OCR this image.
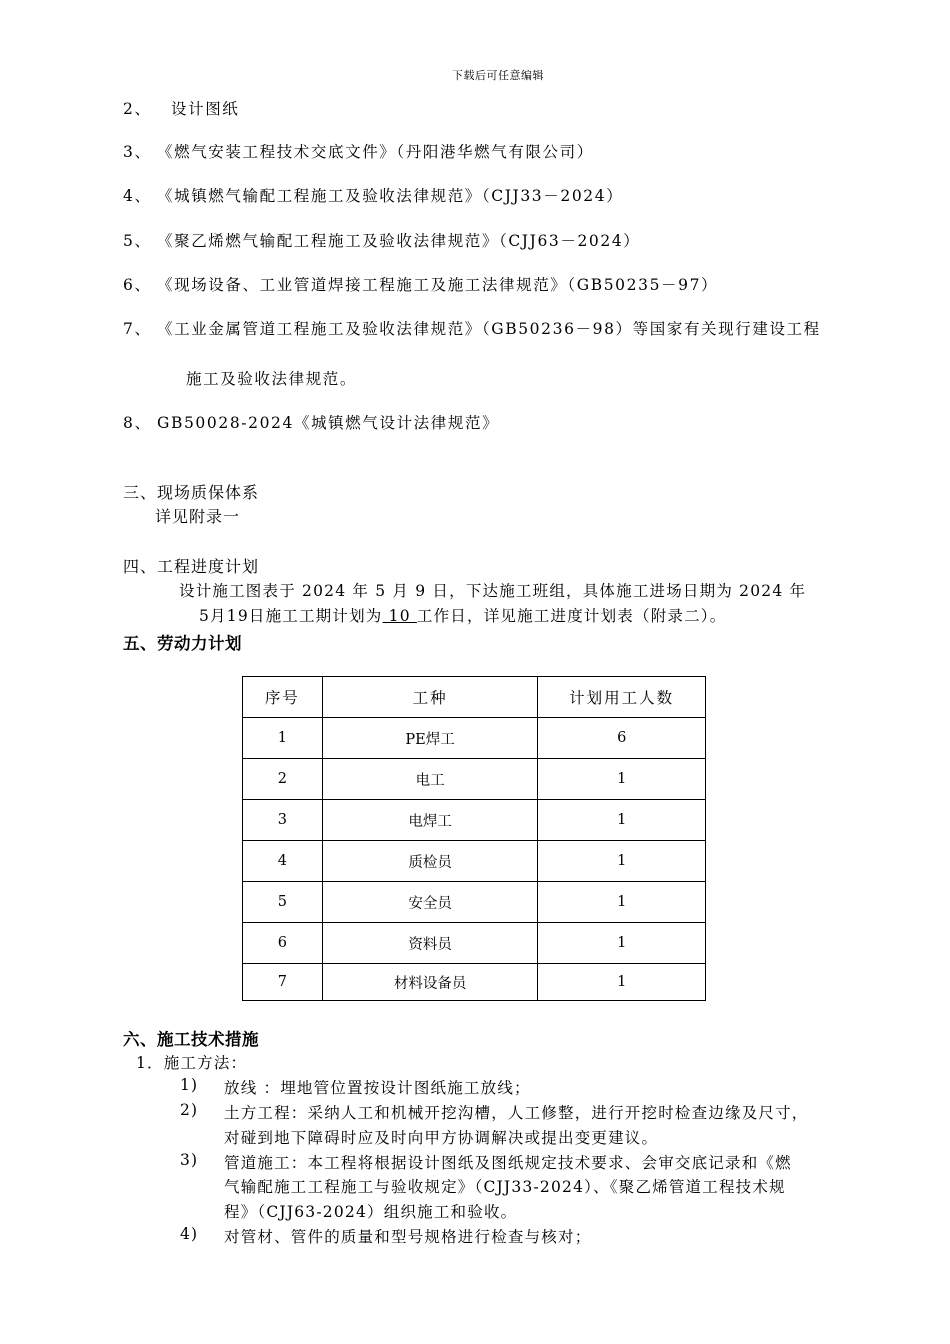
下载后可任意编辑
2、 设计图纸
3、 《燃气安装工程技术交底文件》（丹阳港华燃气有限公司）
4、 《城镇燃气输配工程施工及验收法律规范》（CJJ33－2024）
5、 《聚乙烯燃气输配工程施工及验收法律规范》（CJJ63－2024）
6、 《现场设备、工业管道焊接工程施工及施工法律规范》（GB50235－97）
7、 《工业金属管道工程施工及验收法律规范》（GB50236－98）等国家有关现行建设工程
施工及验收法律规范。
8、 GB50028-2024《城镇燃气设计法律规范》
三、现场质保体系
详见附录一
四、工程进度计划
设计施工图表于 2024 年 5 月 9 日，下达施工班组，具体施工进场日期为 2024 年
5月19日施工工期计划为 10 工作日，详见施工进度计划表（附录二）。
五、劳动力计划
序号	工种	计划用工人数
1	PE焊工	6
2	电工	1
3	电焊工	1
4	质检员	1
5	安全员	1
6	资料员	1
7	材料设备员	1
六、施工技术措施
1．施工方法：
1) 放线 ：埋地管位置按设计图纸施工放线；
2) 土方工程：采纳人工和机械开挖沟槽，人工修整，进行开挖时检查边缘及尺寸，
对碰到地下障碍时应及时向甲方协调解决或提出变更建议。
3) 管道施工：本工程将根据设计图纸及图纸规定技术要求、会审交底记录和《燃
气输配施工工程施工与验收规定》（CJJ33-2024）、《聚乙烯管道工程技术规
程》（CJJ63-2024）组织施工和验收。
4) 对管材、管件的质量和型号规格进行检查与核对；
